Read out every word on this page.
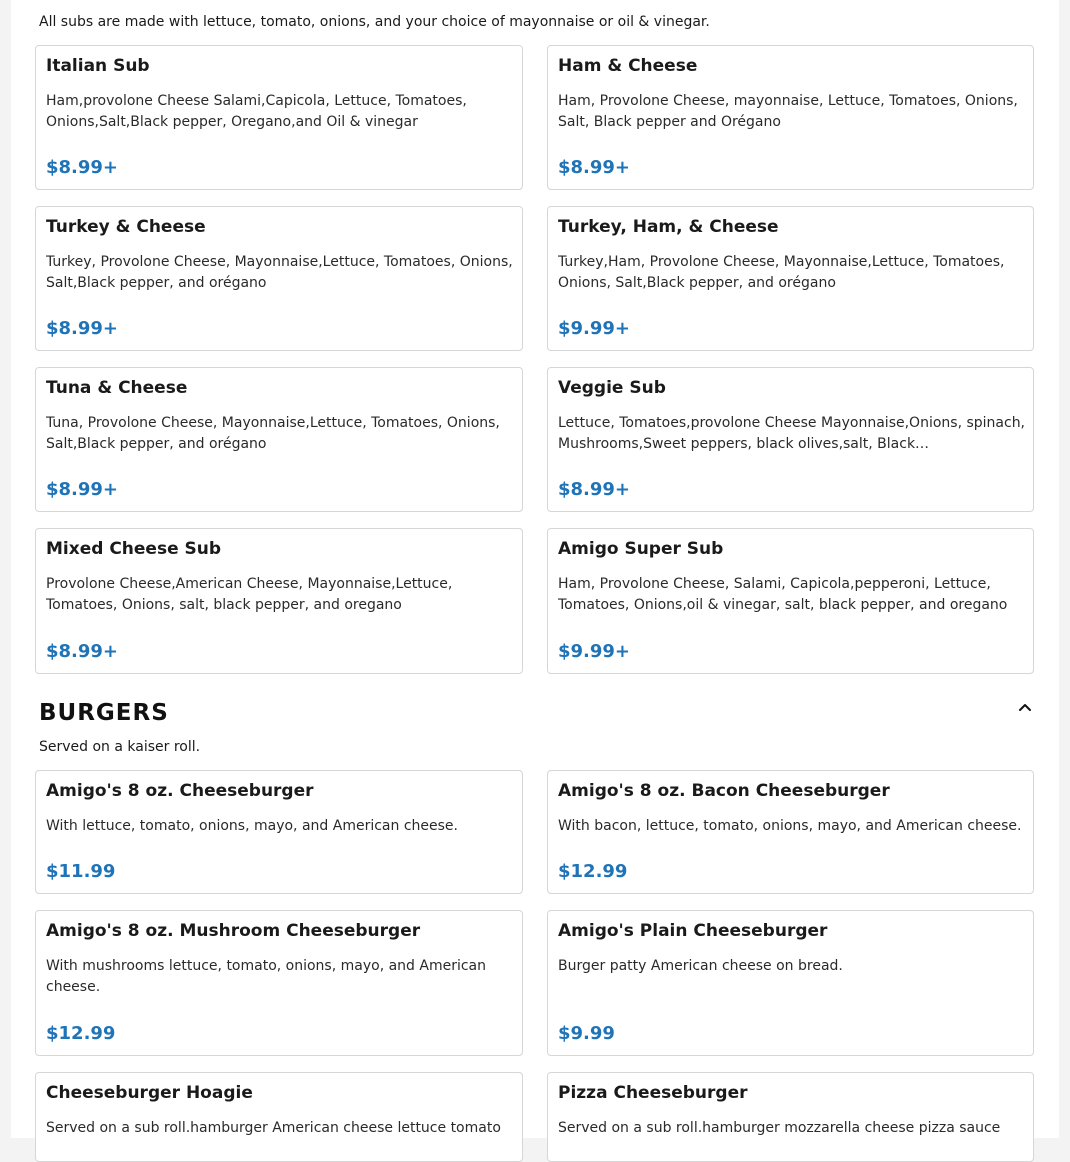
All subs are made with lettuce, tomato, onions, and your choice of mayonnaise or oil & vinegar.
Italian Sub
Ham,provolone Cheese Salami,Capicola, Lettuce, Tomatoes, Onions,Salt,Black pepper, Oregano,and Oil & vinegar
$8.99+
Ham & Cheese
Ham, Provolone Cheese, mayonnaise, Lettuce, Tomatoes, Onions, Salt, Black pepper and Orégano
$8.99+
Turkey & Cheese
Turkey, Provolone Cheese, Mayonnaise,Lettuce, Tomatoes, Onions, Salt,Black pepper, and orégano
$8.99+
Turkey, Ham, & Cheese
Turkey,Ham, Provolone Cheese, Mayonnaise,Lettuce, Tomatoes, Onions, Salt,Black pepper, and orégano
$9.99+
Tuna & Cheese
Tuna, Provolone Cheese, Mayonnaise,Lettuce, Tomatoes, Onions, Salt,Black pepper, and orégano
$8.99+
Veggie Sub
Lettuce, Tomatoes,provolone Cheese Mayonnaise,Onions, spinach, Mushrooms,Sweet peppers, black olives,salt, Black…
$8.99+
Mixed Cheese Sub
Provolone Cheese,American Cheese, Mayonnaise,Lettuce, Tomatoes, Onions, salt, black pepper, and oregano
$8.99+
Amigo Super Sub
Ham, Provolone Cheese, Salami, Capicola,pepperoni, Lettuce, Tomatoes, Onions,oil & vinegar, salt, black pepper, and oregano
$9.99+
BURGERS
Served on a kaiser roll.
Amigo's 8 oz. Cheeseburger
With lettuce, tomato, onions, mayo, and American cheese.
$11.99
Amigo's 8 oz. Bacon Cheeseburger
With bacon, lettuce, tomato, onions, mayo, and American cheese.
$12.99
Amigo's 8 oz. Mushroom Cheeseburger
With mushrooms lettuce, tomato, onions, mayo, and American cheese.
$12.99
Amigo's Plain Cheeseburger
Burger patty American cheese on bread.
$9.99
Cheeseburger Hoagie
Served on a sub roll.hamburger American cheese lettuce tomato
Pizza Cheeseburger
Served on a sub roll.hamburger mozzarella cheese pizza sauce
